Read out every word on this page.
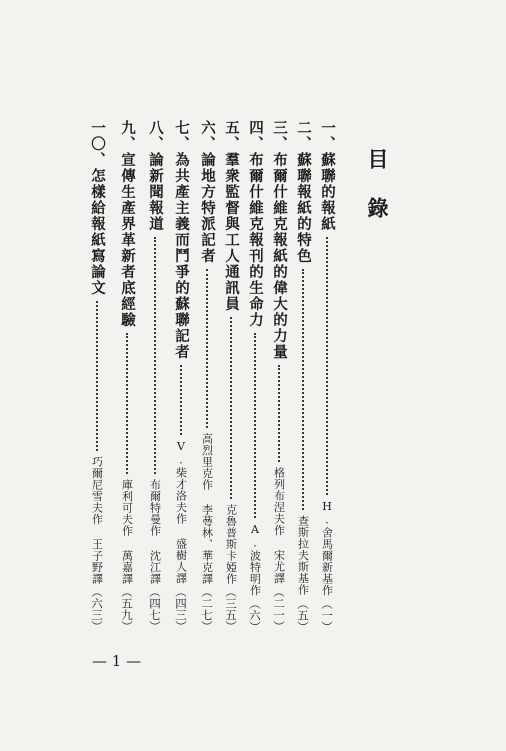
目錄
一、蘇聯的報紙
H.舍馬爾新基作
（一）
二、蘇聯報紙的特色
查斯拉夫斯基作
（五）
三、布爾什維克報紙的偉大的力量
格列布涅夫作 宋尤譯
（二一）
四、布爾什維克報刊的生命力
A.波特明作
（六）
五、羣衆監督與工人通訊員
克魯普斯卡婭作
（三五）
六、論地方特派記者
高烈里克作 李蕚林、華克譯
（二七）
七、為共產主義而鬥爭的蘇聯記者
V.柴才洛夫作 盛樹人譯
（四三）
八、論新聞報道
布爾特曼作 沈江譯
（四七）
九、宣傳生產界革新者底經驗
庫利可夫作 萬嘉譯
（五九）
一〇、怎樣給報紙寫論文
巧爾尼雪夫作 王子野譯
（六三）
— 1 —
